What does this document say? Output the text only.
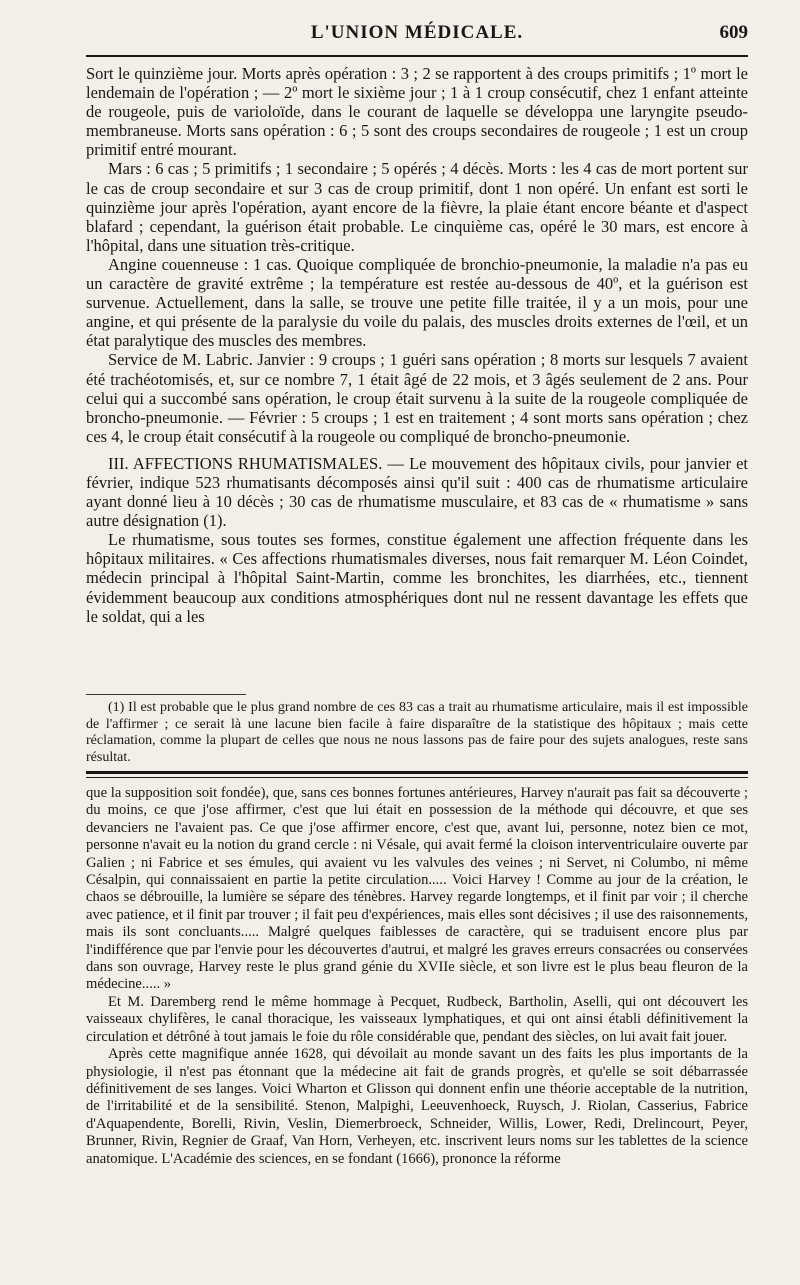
L'UNION MÉDICALE.	609

Sort le quinzième jour. Morts après opération : 3 ; 2 se rapportent à des croups primitifs ; 1º mort le lendemain de l'opération ; — 2º mort le sixième jour ; 1 à 1 croup consécutif, chez 1 enfant atteinte de rougeole, puis de varioloïde, dans le courant de laquelle se développa une laryngite pseudo-membraneuse. Morts sans opération : 6 ; 5 sont des croups secondaires de rougeole ; 1 est un croup primitif entré mourant.

Mars : 6 cas ; 5 primitifs ; 1 secondaire ; 5 opérés ; 4 décès. Morts : les 4 cas de mort portent sur le cas de croup secondaire et sur 3 cas de croup primitif, dont 1 non opéré. Un enfant est sorti le quinzième jour après l'opération, ayant encore de la fièvre, la plaie étant encore béante et d'aspect blafard ; cependant, la guérison était probable. Le cinquième cas, opéré le 30 mars, est encore à l'hôpital, dans une situation très-critique.

Angine couenneuse : 1 cas. Quoique compliquée de bronchio-pneumonie, la maladie n'a pas eu un caractère de gravité extrême ; la température est restée au-dessous de 40º, et la guérison est survenue. Actuellement, dans la salle, se trouve une petite fille traitée, il y a un mois, pour une angine, et qui présente de la paralysie du voile du palais, des muscles droits externes de l'œil, et un état paralytique des muscles des membres.

Service de M. Labric. Janvier : 9 croups ; 1 guéri sans opération ; 8 morts sur lesquels 7 avaient été trachéotomisés, et, sur ce nombre 7, 1 était âgé de 22 mois, et 3 âgés seulement de 2 ans. Pour celui qui a succombé sans opération, le croup était survenu à la suite de la rougeole compliquée de broncho-pneumonie. — Février : 5 croups ; 1 est en traitement ; 4 sont morts sans opération ; chez ces 4, le croup était consécutif à la rougeole ou compliqué de broncho-pneumonie.

III. AFFECTIONS RHUMATISMALES. — Le mouvement des hôpitaux civils, pour janvier et février, indique 523 rhumatisants décomposés ainsi qu'il suit : 400 cas de rhumatisme articulaire ayant donné lieu à 10 décès ; 30 cas de rhumatisme musculaire, et 83 cas de « rhumatisme » sans autre désignation (1).

Le rhumatisme, sous toutes ses formes, constitue également une affection fréquente dans les hôpitaux militaires. « Ces affections rhumatismales diverses, nous fait remarquer M. Léon Coindet, médecin principal à l'hôpital Saint-Martin, comme les bronchites, les diarrhées, etc., tiennent évidemment beaucoup aux conditions atmosphériques dont nul ne ressent davantage les effets que le soldat, qui a les

(1) Il est probable que le plus grand nombre de ces 83 cas a trait au rhumatisme articulaire, mais il est impossible de l'affirmer ; ce serait là une lacune bien facile à faire disparaître de la statistique des hôpitaux ; mais cette réclamation, comme la plupart de celles que nous ne nous lassons pas de faire pour des sujets analogues, reste sans résultat.

que la supposition soit fondée), que, sans ces bonnes fortunes antérieures, Harvey n'aurait pas fait sa découverte ; du moins, ce que j'ose affirmer, c'est que lui était en possession de la méthode qui découvre, et que ses devanciers ne l'avaient pas. Ce que j'ose affirmer encore, c'est que, avant lui, personne, notez bien ce mot, personne n'avait eu la notion du grand cercle : ni Vésale, qui avait fermé la cloison interventriculaire ouverte par Galien ; ni Fabrice et ses émules, qui avaient vu les valvules des veines ; ni Servet, ni Columbo, ni même Césalpin, qui connaissaient en partie la petite circulation..... Voici Harvey ! Comme au jour de la création, le chaos se débrouille, la lumière se sépare des ténèbres. Harvey regarde longtemps, et il finit par voir ; il cherche avec patience, et il finit par trouver ; il fait peu d'expériences, mais elles sont décisives ; il use des raisonnements, mais ils sont concluants..... Malgré quelques faiblesses de caractère, qui se traduisent encore plus par l'indifférence que par l'envie pour les découvertes d'autrui, et malgré les graves erreurs consacrées ou conservées dans son ouvrage, Harvey reste le plus grand génie du XVIIe siècle, et son livre est le plus beau fleuron de la médecine..... »

Et M. Daremberg rend le même hommage à Pecquet, Rudbeck, Bartholin, Aselli, qui ont découvert les vaisseaux chylifères, le canal thoracique, les vaisseaux lymphatiques, et qui ont ainsi établi définitivement la circulation et détrôné à tout jamais le foie du rôle considérable que, pendant des siècles, on lui avait fait jouer.

Après cette magnifique année 1628, qui dévoilait au monde savant un des faits les plus importants de la physiologie, il n'est pas étonnant que la médecine ait fait de grands progrès, et qu'elle se soit débarrassée définitivement de ses langes. Voici Wharton et Glisson qui donnent enfin une théorie acceptable de la nutrition, de l'irritabilité et de la sensibilité. Stenon, Malpighi, Leeuvenhoeck, Ruysch, J. Riolan, Casserius, Fabrice d'Aquapendente, Borelli, Rivin, Veslin, Diemerbroeck, Schneider, Willis, Lower, Redi, Drelincourt, Peyer, Brunner, Rivin, Regnier de Graaf, Van Horn, Verheyen, etc. inscrivent leurs noms sur les tablettes de la science anatomique. L'Académie des sciences, en se fondant (1666), prononce la réforme
